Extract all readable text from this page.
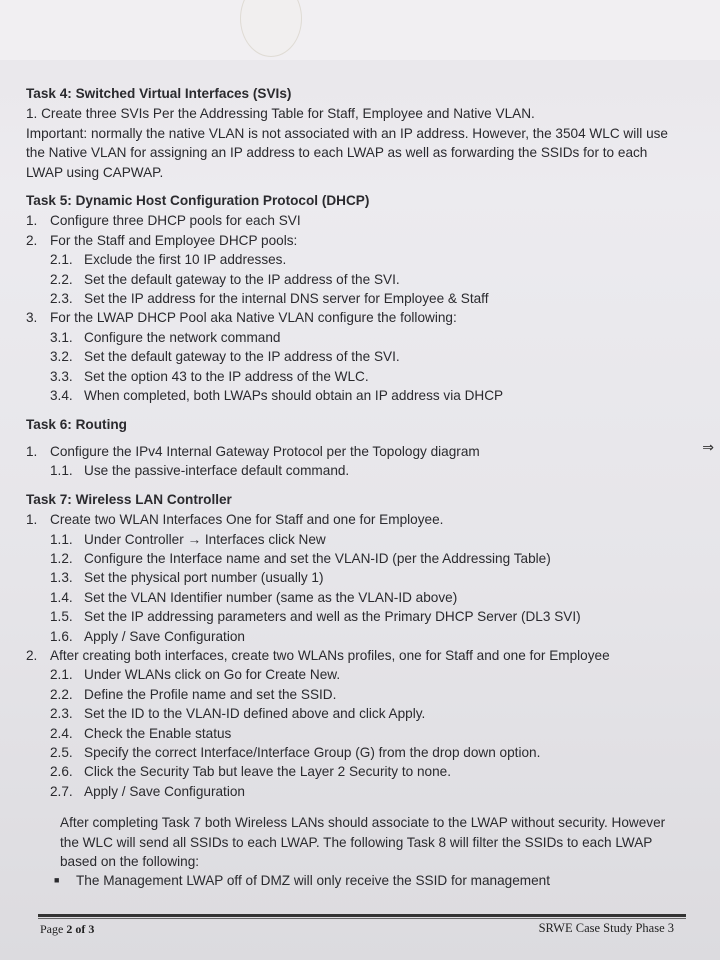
Task 4: Switched Virtual Interfaces (SVIs)

1. Create three SVIs Per the Addressing Table for Staff, Employee and Native VLAN.

Important: normally the native VLAN is not associated with an IP address. However, the 3504 WLC will use the Native VLAN for assigning an IP address to each LWAP as well as forwarding the SSIDs for to each LWAP using CAPWAP.

Task 5: Dynamic Host Configuration Protocol (DHCP)
1. Configure three DHCP pools for each SVI
2. For the Staff and Employee DHCP pools:
2.1. Exclude the first 10 IP addresses.
2.2. Set the default gateway to the IP address of the SVI.
2.3. Set the IP address for the internal DNS server for Employee & Staff
3. For the LWAP DHCP Pool aka Native VLAN configure the following:
3.1. Configure the network command
3.2. Set the default gateway to the IP address of the SVI.
3.3. Set the option 43 to the IP address of the WLC.
3.4. When completed, both LWAPs should obtain an IP address via DHCP
Task 6: Routing
1. Configure the IPv4 Internal Gateway Protocol per the Topology diagram
1.1. Use the passive-interface default command.
Task 7: Wireless LAN Controller
1. Create two WLAN Interfaces One for Staff and one for Employee.
1.1. Under Controller → Interfaces click New
1.2. Configure the Interface name and set the VLAN-ID (per the Addressing Table)
1.3. Set the physical port number (usually 1)
1.4. Set the VLAN Identifier number (same as the VLAN-ID above)
1.5. Set the IP addressing parameters and well as the Primary DHCP Server (DL3 SVI)
1.6. Apply / Save Configuration
2. After creating both interfaces, create two WLANs profiles, one for Staff and one for Employee
2.1. Under WLANs click on Go for Create New.
2.2. Define the Profile name and set the SSID.
2.3. Set the ID to the VLAN-ID defined above and click Apply.
2.4. Check the Enable status
2.5. Specify the correct Interface/Interface Group (G) from the drop down option.
2.6. Click the Security Tab but leave the Layer 2 Security to none.
2.7. Apply / Save Configuration

After completing Task 7 both Wireless LANs should associate to the LWAP without security. However the WLC will send all SSIDs to each LWAP. The following Task 8 will filter the SSIDs to each LWAP based on the following:

■	The Management LWAP off of DMZ will only receive the SSID for management
⇒
Page 2 of 3	SRWE Case Study Phase 3
